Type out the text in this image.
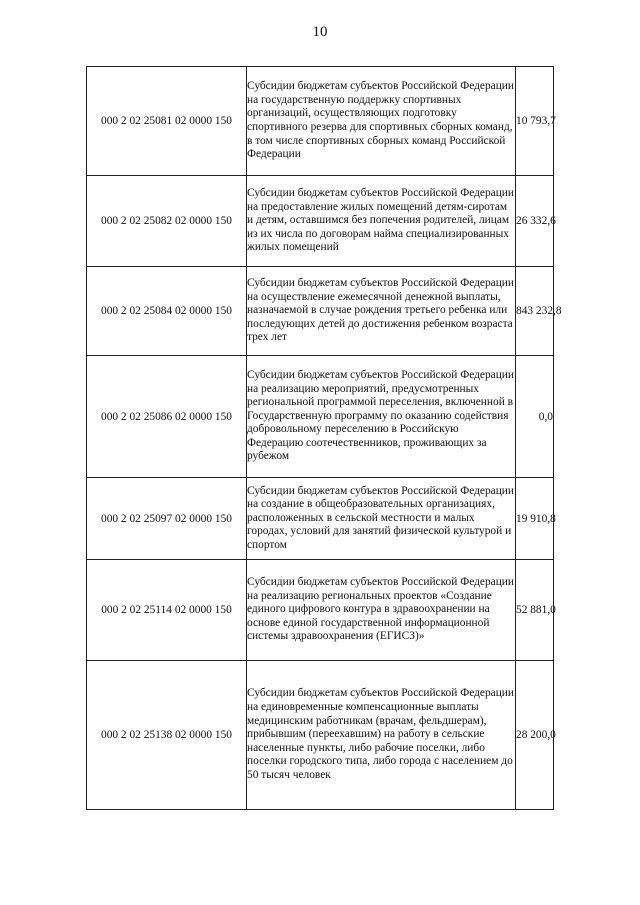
10
000 2 02 25081 02 0000 150	Субсидии бюджетам субъектов Российской Федерации на государственную поддержку спортивных организаций, осуществляющих подготовку спортивного резерва для спортивных сборных команд, в том числе спортивных сборных команд Российской Федерации	10 793,7
000 2 02 25082 02 0000 150	Субсидии бюджетам субъектов Российской Федерации на предоставление жилых помещений детям-сиротам и детям, оставшимся без попечения родителей, лицам из их числа по договорам найма специализированных жилых помещений	26 332,6
000 2 02 25084 02 0000 150	Субсидии бюджетам субъектов Российской Федерации на осуществление ежемесячной денежной выплаты, назначаемой в случае рождения третьего ребенка или последующих детей до достижения ребенком возраста трех лет	843 232,8
000 2 02 25086 02 0000 150	Субсидии бюджетам субъектов Российской Федерации на реализацию мероприятий, предусмотренных региональной программой переселения, включенной в Государственную программу по оказанию содействия добровольному переселению в Российскую Федерацию соотечественников, проживающих за рубежом	0,0
000 2 02 25097 02 0000 150	Субсидии бюджетам субъектов Российской Федерации на создание в общеобразовательных организациях, расположенных в сельской местности и малых городах, условий для занятий физической культурой и спортом	19 910,8
000 2 02 25114 02 0000 150	Субсидии бюджетам субъектов Российской Федерации на реализацию региональных проектов «Создание единого цифрового контура в здравоохранении на основе единой государственной информационной системы здравоохранения (ЕГИСЗ)»	52 881,0
000 2 02 25138 02 0000 150	Субсидии бюджетам субъектов Российской Федерации на единовременные компенсационные выплаты медицинским работникам (врачам, фельдшерам), прибывшим (переехавшим) на работу в сельские населенные пункты, либо рабочие поселки, либо поселки городского типа, либо города с населением до 50 тысяч человек	28 200,0
